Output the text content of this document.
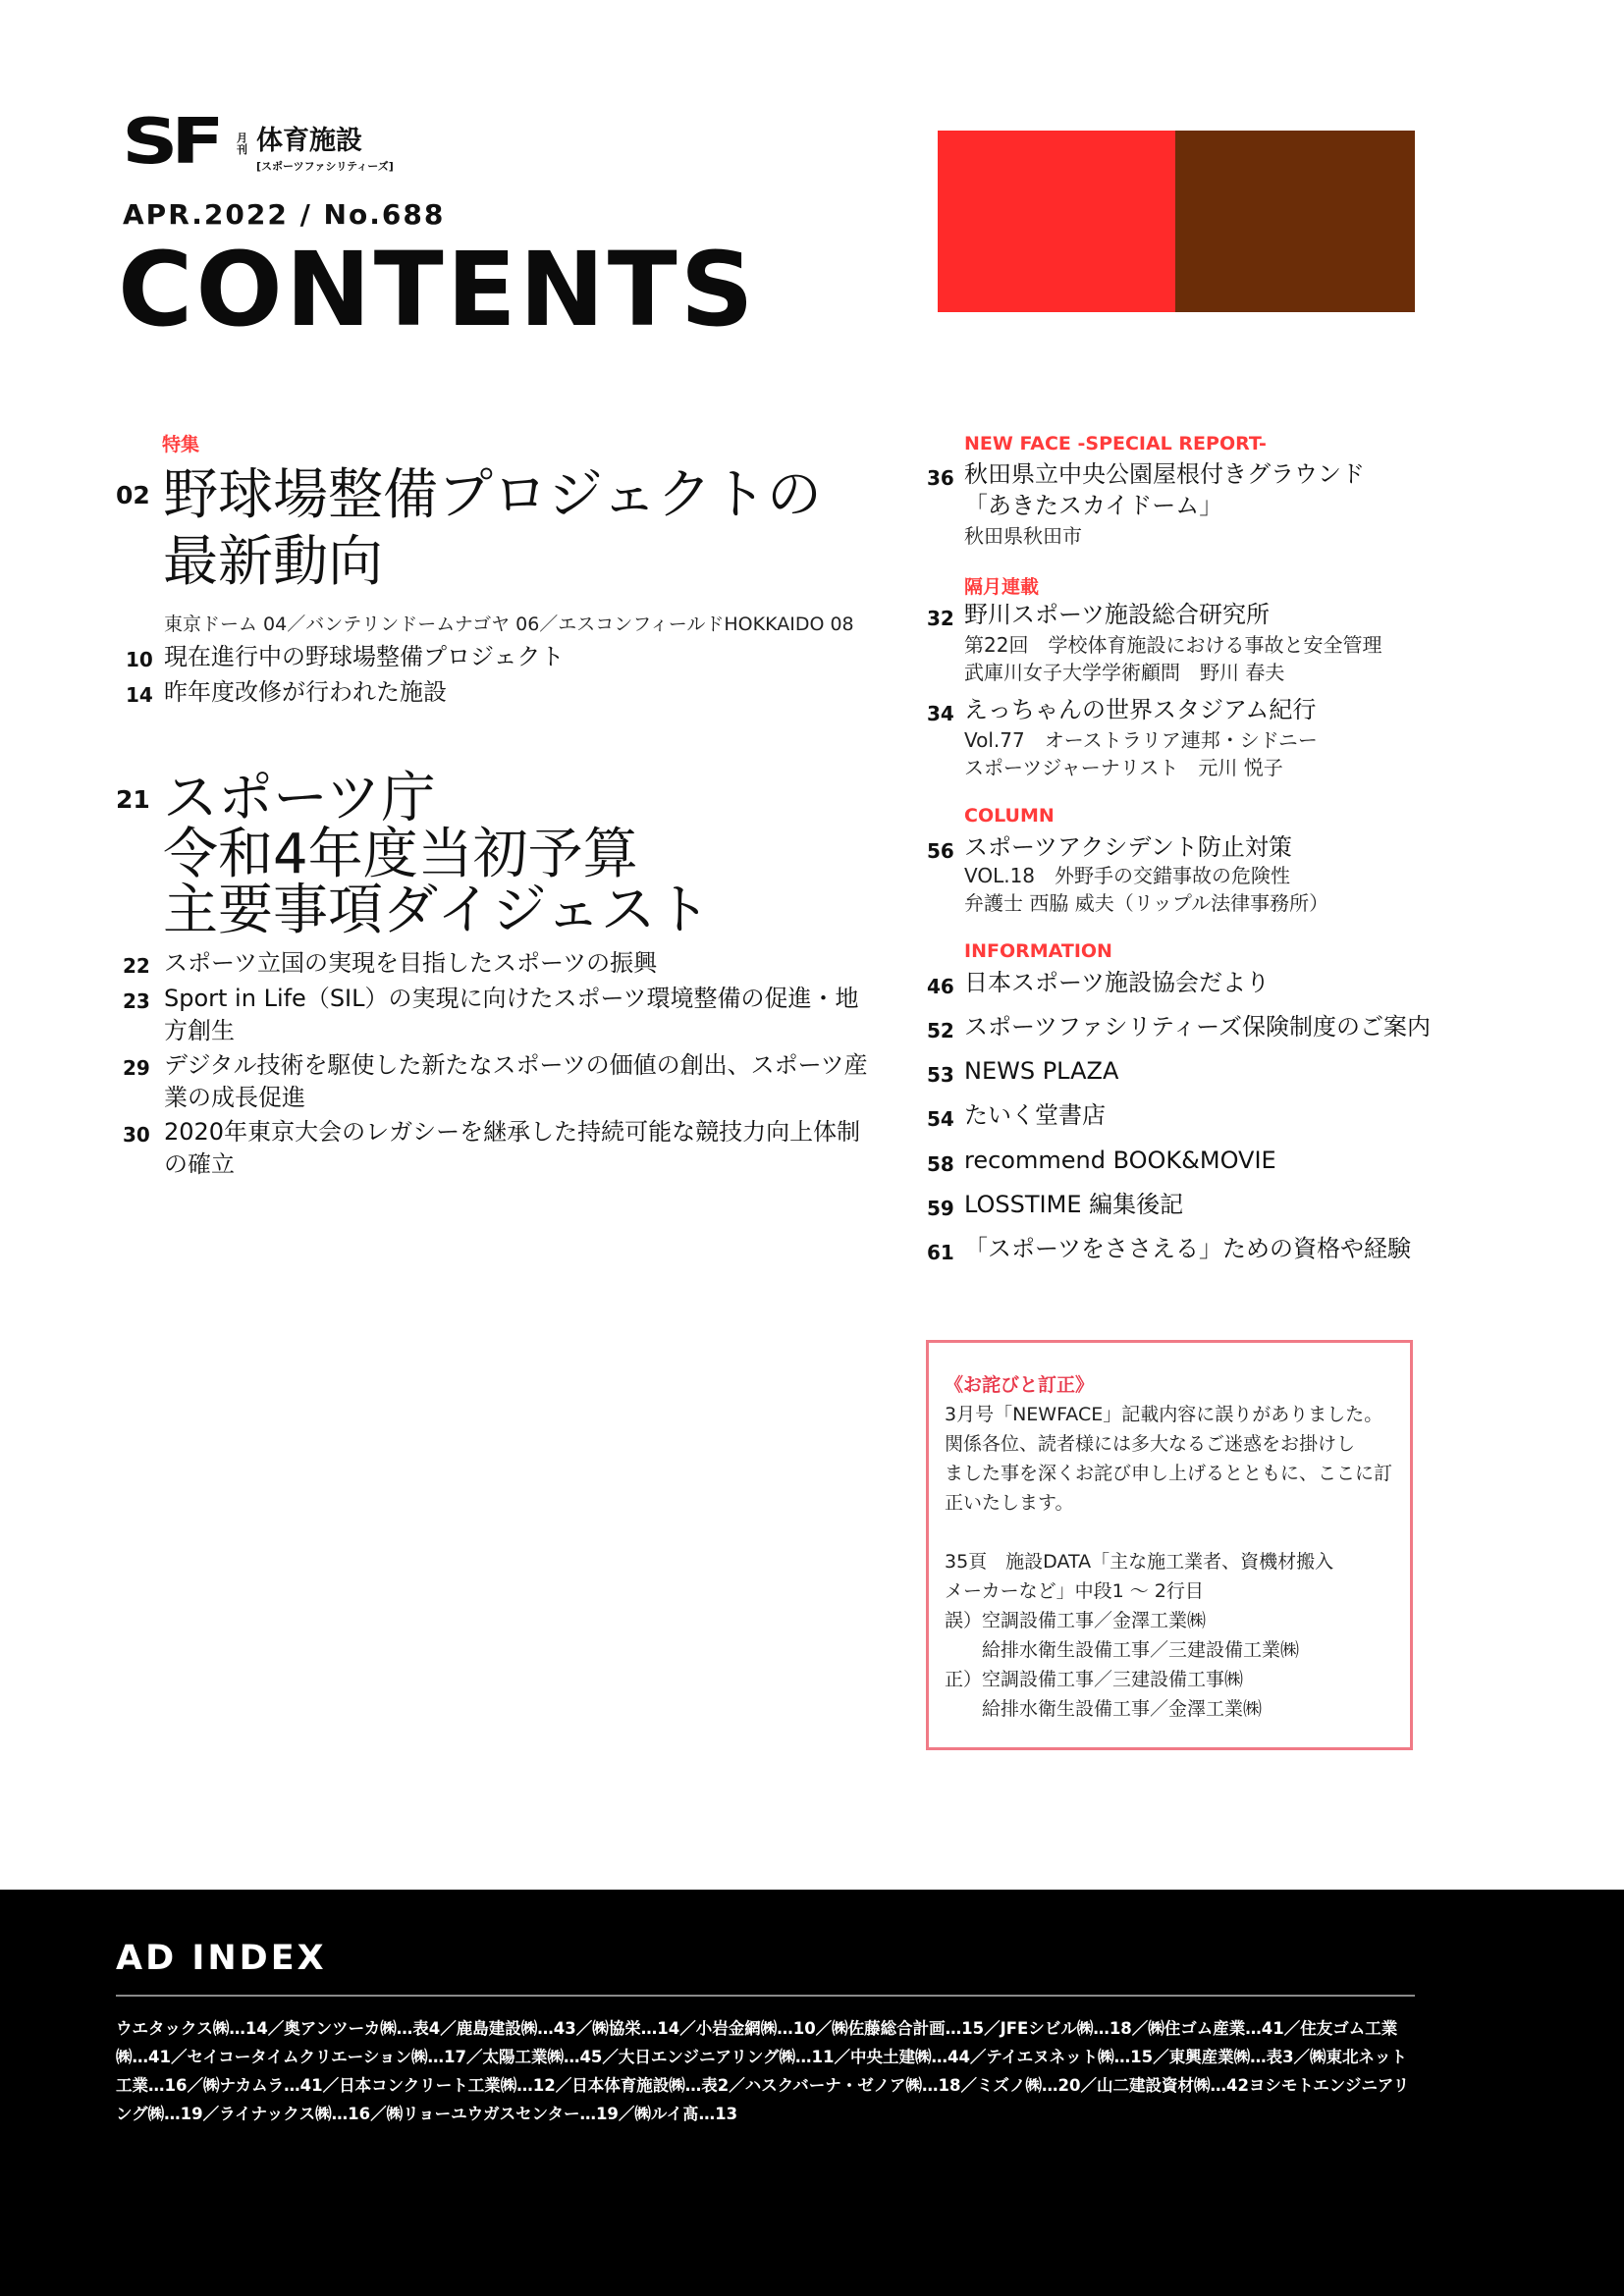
SF 月刊 体育施設
[スポーツファシリティーズ]
APR.2022 / No.688
CONTENTS
特集
02 野球場整備プロジェクトの
最新動向
東京ドーム 04／バンテリンドームナゴヤ 06／エスコンフィールドHOKKAIDO 08
10 現在進行中の野球場整備プロジェクト
14 昨年度改修が行われた施設
21 スポーツ庁
令和4年度当初予算
主要事項ダイジェスト
22 スポーツ立国の実現を目指したスポーツの振興
23 Sport in Life（SIL）の実現に向けたスポーツ環境整備の促進・地方創生
29 デジタル技術を駆使した新たなスポーツの価値の創出、スポーツ産業の成長促進
30 2020年東京大会のレガシーを継承した持続可能な競技力向上体制の確立
NEW FACE -SPECIAL REPORT-
36 秋田県立中央公園屋根付きグラウンド
「あきたスカイドーム」
秋田県秋田市
隔月連載
32 野川スポーツ施設総合研究所
第22回　学校体育施設における事故と安全管理
武庫川女子大学学術顧問　野川 春夫
34 えっちゃんの世界スタジアム紀行
Vol.77　オーストラリア連邦・シドニー
スポーツジャーナリスト　元川 悦子
COLUMN
56 スポーツアクシデント防止対策
VOL.18　外野手の交錯事故の危険性
弁護士 西脇 威夫（リップル法律事務所）
INFORMATION
46 日本スポーツ施設協会だより
52 スポーツファシリティーズ保険制度のご案内
53 NEWS PLAZA
54 たいく堂書店
58 recommend BOOK&MOVIE
59 LOSSTIME 編集後記
61 「スポーツをささえる」ための資格や経験
《お詫びと訂正》
3月号「NEWFACE」記載内容に誤りがありました。
関係各位、読者様には多大なるご迷惑をお掛けし
ました事を深くお詫び申し上げるとともに、ここに訂
正いたします。
35頁　施設DATA「主な施工業者、資機材搬入
メーカーなど」中段1 ～ 2行目
誤）空調設備工事／金澤工業㈱
　　給排水衛生設備工事／三建設備工業㈱
正）空調設備工事／三建設備工事㈱
　　給排水衛生設備工事／金澤工業㈱
AD INDEX
ウエタックス㈱…14／奥アンツーカ㈱…表4／鹿島建設㈱…43／㈱協栄…14／小岩金網㈱…10／㈱佐藤総合計画…15／JFEシビル㈱…18／㈱住ゴム産業…41／住友ゴム工業㈱…41／セイコータイムクリエーション㈱…17／太陽工業㈱…45／大日エンジニアリング㈱…11／中央土建㈱…44／テイエヌネット㈱…15／東興産業㈱…表3／㈱東北ネット工業…16／㈱ナカムラ…41／日本コンクリート工業㈱…12／日本体育施設㈱…表2／ハスクバーナ・ゼノア㈱…18／ミズノ㈱…20／山二建設資材㈱…42ヨシモトエンジニアリング㈱…19／ライナックス㈱…16／㈱リョーユウガスセンター…19／㈱ルイ髙…13
